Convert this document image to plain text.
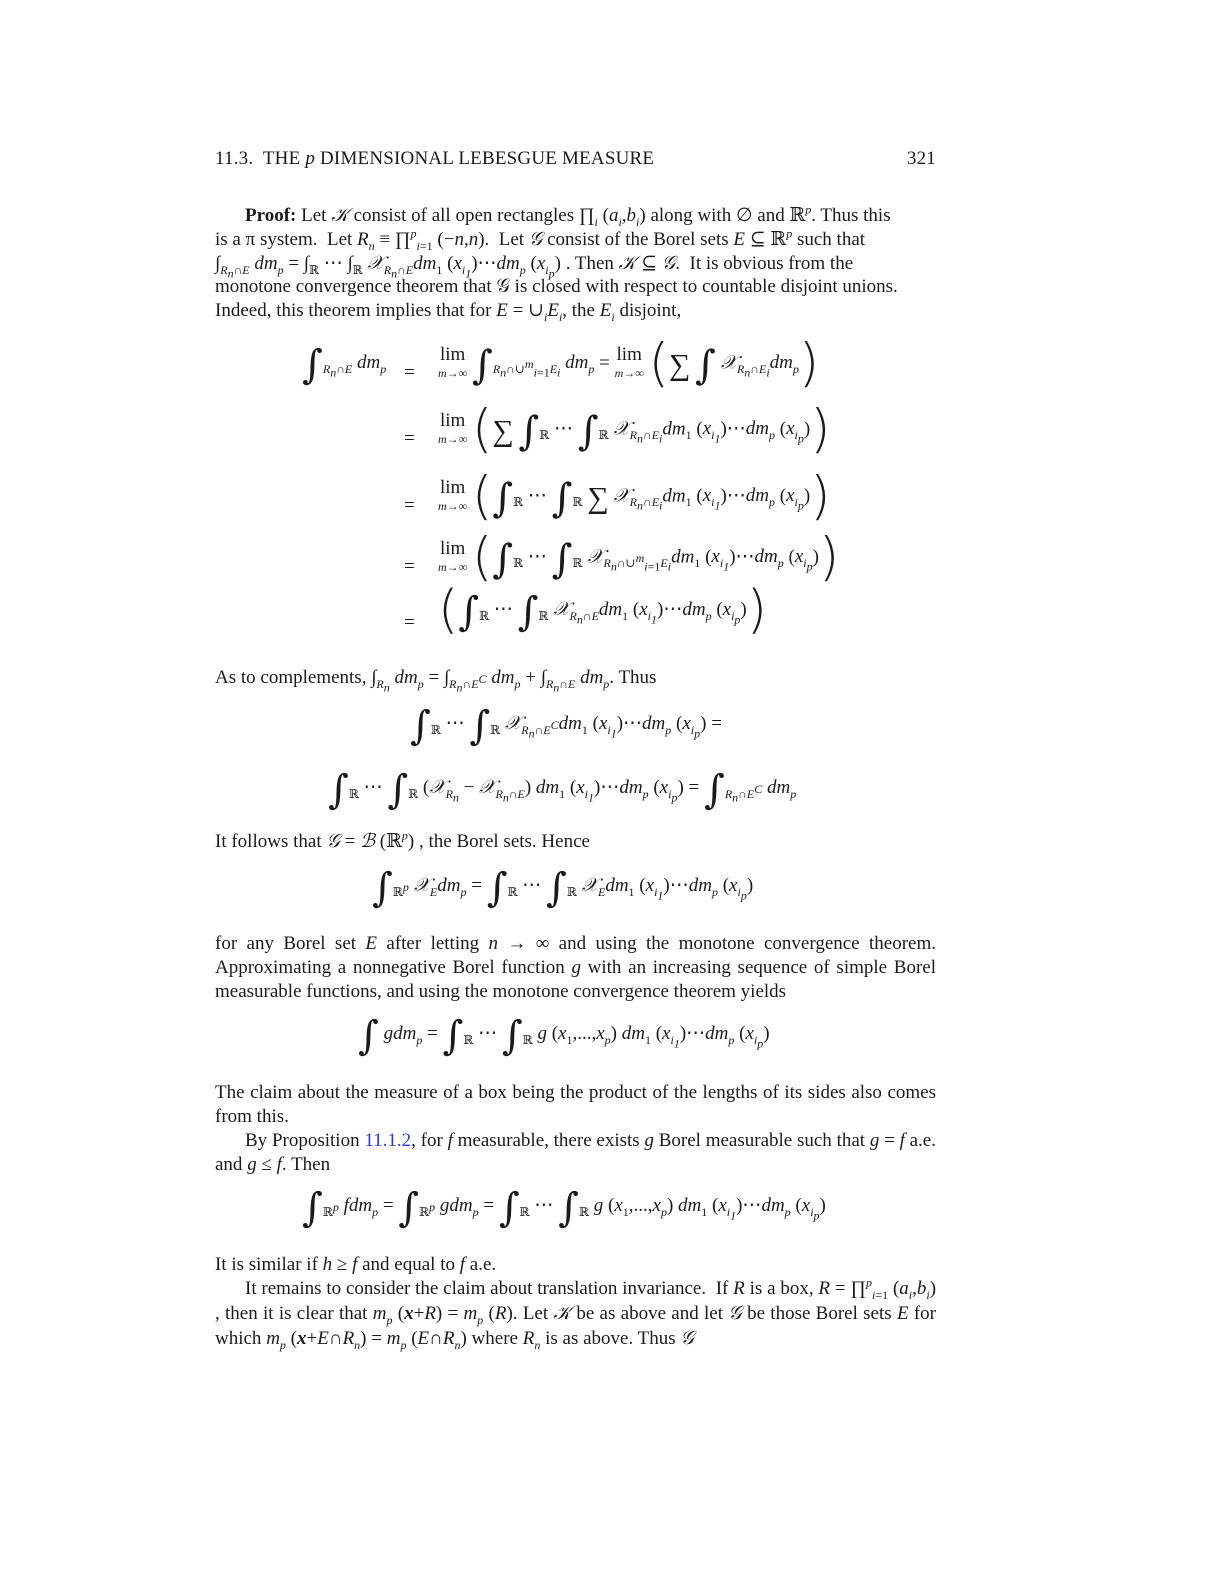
11.3.  THE p DIMENSIONAL LEBESGUE MEASURE	321
Proof: Let 𝒦 consist of all open rectangles $\prod_i$ $(a_i,b_i)$ along with ∅ and ℝ$^p$. Thus this
is a π system.  Let $R_n$ ≡ ∏$^p_{i=1}$ (−n,n).  Let 𝒢 consist of the Borel sets E ⊆ ℝ$^p$ such that
$\int_{R_n\cap E}$ $dm_p = \int_ℝ$ ⋯ $\int_ℝ$ $𝒳_{R_n\cap E}dm_1$ $(x_{i_1})\cdots dm_p$ $(x_{i_p})$ . Then 𝒦 ⊆ 𝒢.  It is obvious from the
monotone convergence theorem that 𝒢 is closed with respect to countable disjoint unions.
Indeed, this theorem implies that for $E = \cup_iE_i$, the $E_i$ disjoint,
$\int_{R_n\cap E}$ $dm_p$ =
lim
m→∞ $\int_{R_n\cap\cup^m_{i=1}E_i}$ $dm_p = \lim$
m→∞ (∑ ∫ $𝒳_{R_n\cap E_i}dm_p$)
=
lim
m→∞ (∑ $\int_ℝ$ ⋯ $\int_ℝ$ $𝒳_{R_n\cap E_i}dm_1$ $(x_{i_1})\cdots dm_p$ $(x_{i_p})$)
=
lim
m→∞ ($\int_ℝ$ ⋯ $\int_ℝ$ ∑ $𝒳_{R_n\cap E_i}dm_1$ $(x_{i_1})\cdots dm_p$ $(x_{i_p})$)
=
lim
m→∞ ($\int_ℝ$ ⋯ $\int_ℝ$ $𝒳_{R_n\cap\cup^m_{i=1}E_i}dm_1$ $(x_{i_1})\cdots dm_p$ $(x_{i_p})$)
= ($\int_ℝ$ ⋯ $\int_ℝ$ $𝒳_{R_n\cap E}dm_1$ $(x_{i_1})\cdots dm_p$ $(x_{i_p})$)
As to complements, $\int_{R_n}$ $dm_p = \int_{R_n\cap E^C}$ $dm_p + \int_{R_n\cap E}$ $dm_p$. Thus
$\int_ℝ$ ⋯ $\int_ℝ$ $𝒳_{R_n\cap E^C}dm_1$ $(x_{i_1})\cdots dm_p$ $(x_{i_p})$ =
$\int_ℝ$ ⋯ $\int_ℝ$ (𝒳$_{R_n}$ − 𝒳$_{R_n\cap E}$) $dm_1$ $(x_{i_1})\cdots dm_p$ $(x_{i_p}) = \int_{R_n\cap E^C}$ $dm_p$
It follows that 𝒢 = ℬ (ℝ$^p$) , the Borel sets. Hence
$\int_{ℝ^p}$ $𝒳_Edm_p = \int_ℝ$ ⋯ $\int_ℝ$ $𝒳_Edm_1$ $(x_{i_1})\cdots dm_p$ $(x_{i_p})$
for any Borel set E after letting n → ∞ and using the monotone convergence theorem. Approximating a nonnegative Borel function g with an increasing sequence of simple Borel measurable functions, and using the monotone convergence theorem yields
∫ $gdm_p = \int_ℝ$ ⋯ $\int_ℝ$ g $(x_1,...,x_p)$ $dm_1$ $(x_{i_1})\cdots dm_p$ $(x_{i_p})$
The claim about the measure of a box being the product of the lengths of its sides also comes from this.
By Proposition 11.1.2, for f measurable, there exists g Borel measurable such that g = f a.e. and g ≤ f. Then
$\int_{ℝ^p}$ $fdm_p = \int_{ℝ^p}$ $gdm_p = \int_ℝ$ ⋯ $\int_ℝ$ g $(x_1,...,x_p)$ $dm_1$ $(x_{i_1})\cdots dm_p$ $(x_{i_p})$
It is similar if h ≥ f and equal to f a.e.
It remains to consider the claim about translation invariance.  If R is a box, R = ∏$^p_{i=1}$ $(a_i,b_i)$ , then it is clear that $m_p$ $(x+R) = m_p$ (R). Let 𝒦 be as above and let 𝒢 be those Borel sets E for which $m_p$ $(x+E\cap R_n) = m_p$ $(E\cap R_n)$ where $R_n$ is as above. Thus 𝒢
